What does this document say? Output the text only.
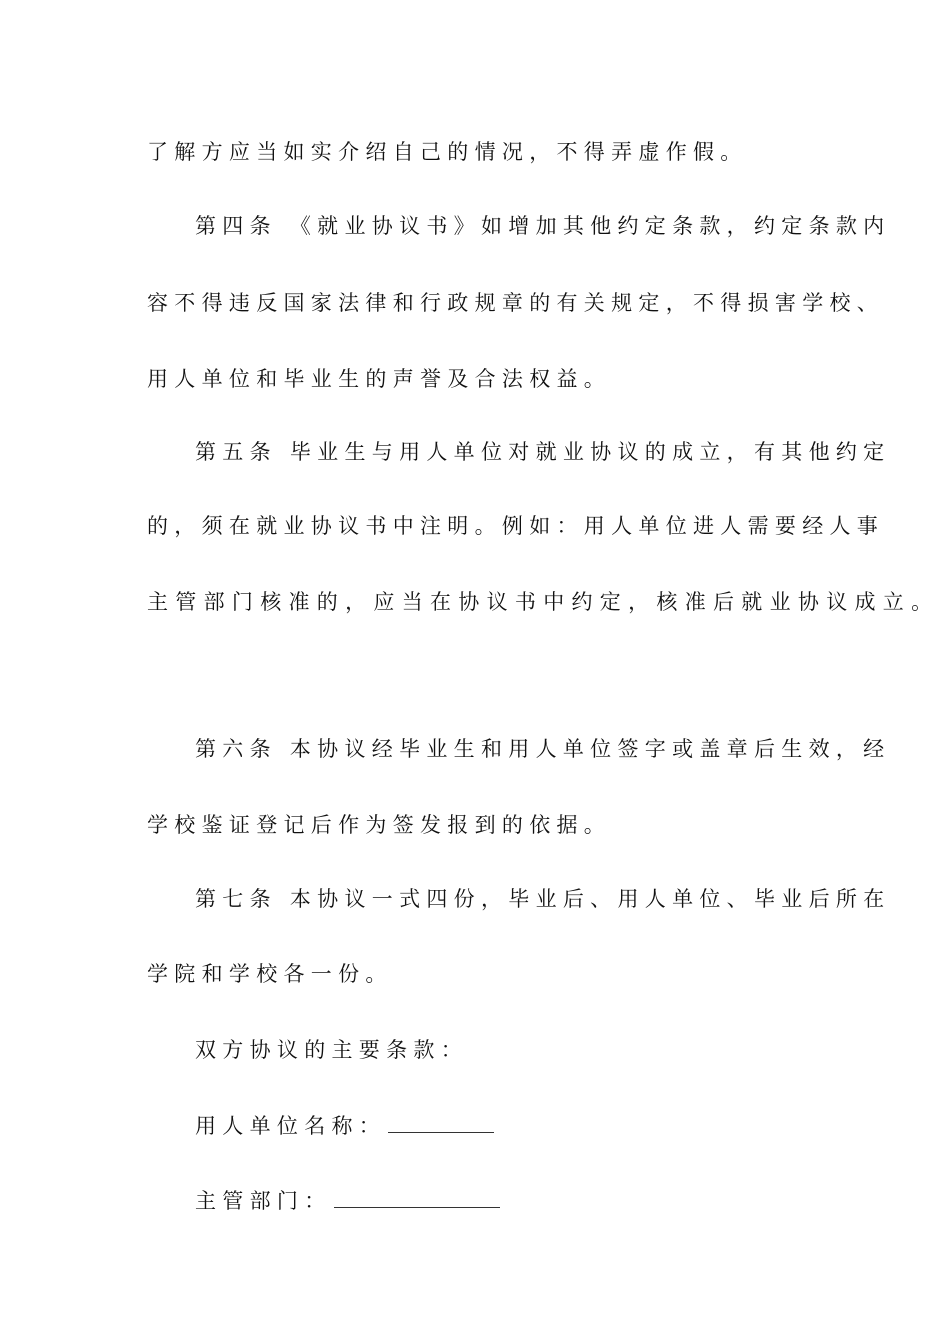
了解方应当如实介绍自己的情况，不得弄虚作假。
第四条 《就业协议书》如增加其他约定条款，约定条款内
容不得违反国家法律和行政规章的有关规定，不得损害学校、
用人单位和毕业生的声誉及合法权益。
第五条 毕业生与用人单位对就业协议的成立，有其他约定
的，须在就业协议书中注明。例如：用人单位进人需要经人事
主管部门核准的，应当在协议书中约定，核准后就业协议成立。
第六条 本协议经毕业生和用人单位签字或盖章后生效，经
学校鉴证登记后作为签发报到的依据。
第七条 本协议一式四份，毕业后、用人单位、毕业后所在
学院和学校各一份。
双方协议的主要条款：
用人单位名称：
主管部门：
